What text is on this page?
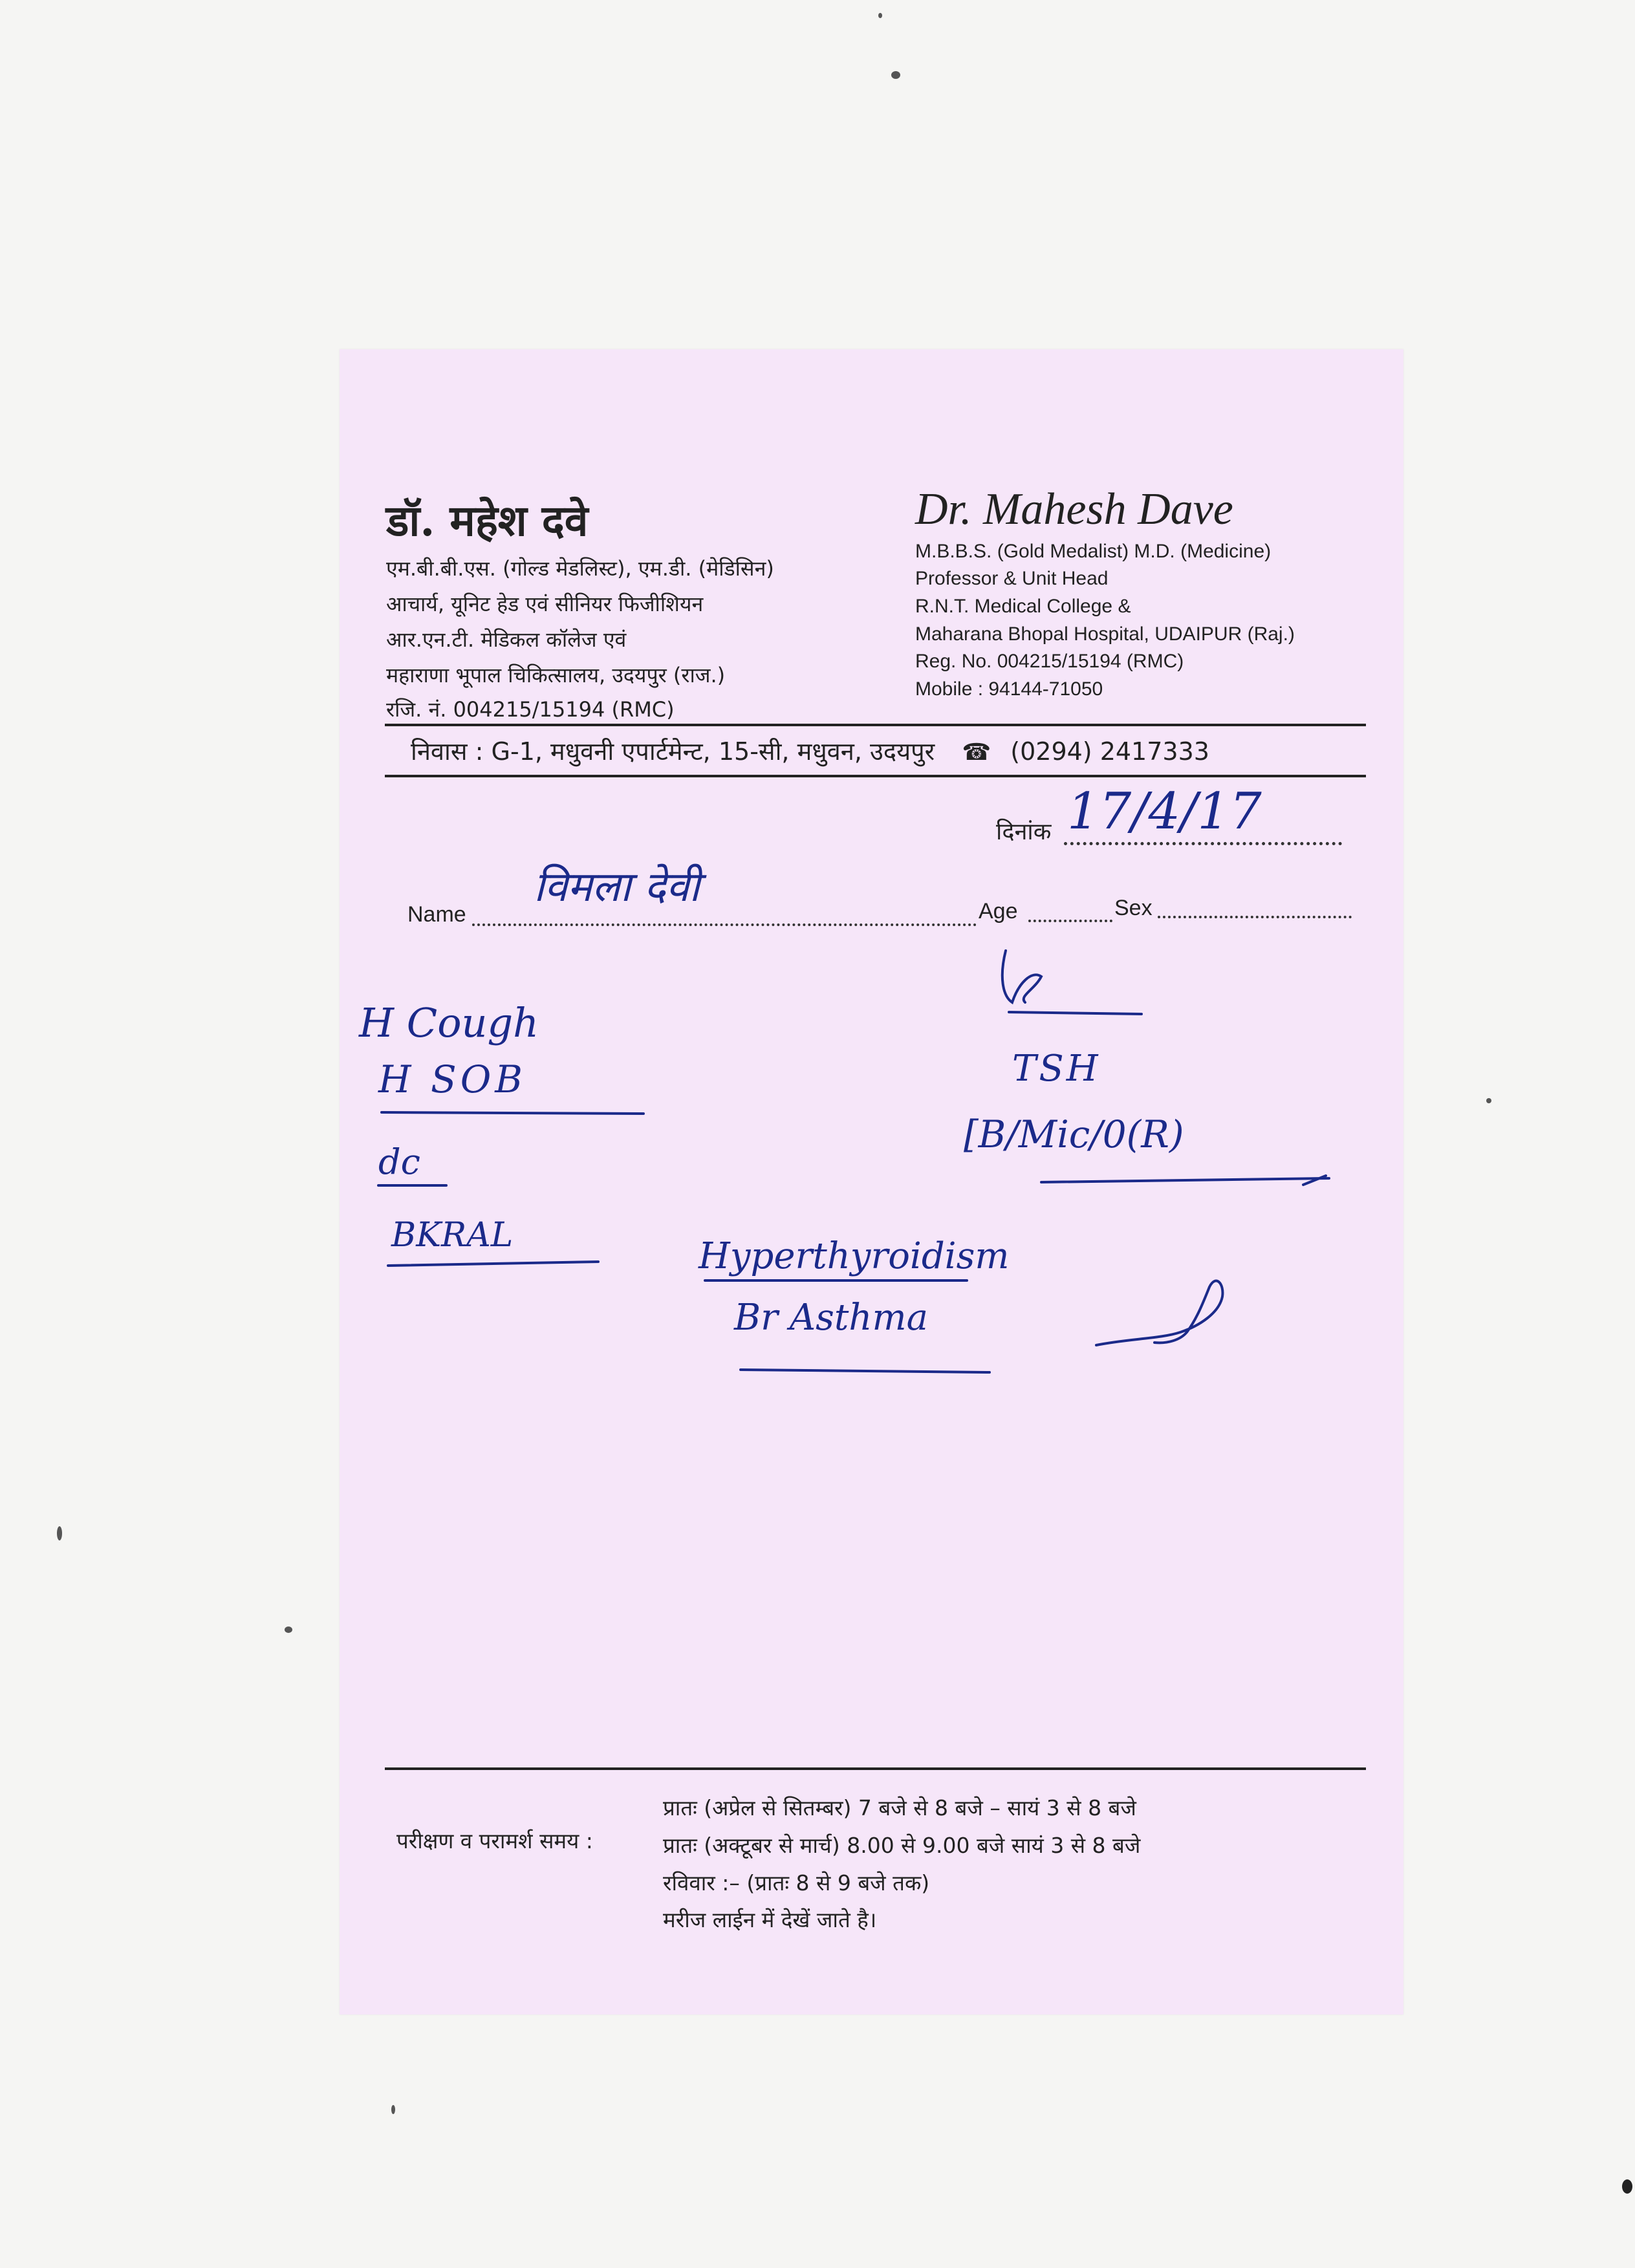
डॉ. महेश दवे
एम.बी.बी.एस. (गोल्ड मेडलिस्ट), एम.डी. (मेडिसिन)
आचार्य, यूनिट हेड एवं सीनियर फिजीशियन
आर.एन.टी. मेडिकल कॉलेज एवं
महाराणा भूपाल चिकित्सालय, उदयपुर (राज.)
रजि. नं. 004215/15194 (RMC)
Dr. Mahesh Dave
M.B.B.S. (Gold Medalist) M.D. (Medicine)
Professor & Unit Head
R.N.T. Medical College &
Maharana Bhopal Hospital, UDAIPUR (Raj.)
Reg. No. 004215/15194 (RMC)
Mobile : 94144-71050
निवास : G-1, मधुवनी एपार्टमेन्ट, 15-सी, मधुवन, उदयपुर ☎ (0294) 2417333
दिनांक 17/4/17
Name
विमला देवी	Age	Sex
H Cough
H SOB
dc
BKRAL
TSH
[B/Mic/0(R)
Hyperthyroidism
Br Asthma
परीक्षण व परामर्श समय :
प्रातः (अप्रेल से सितम्बर) 7 बजे से 8 बजे – सायं 3 से 8 बजे
प्रातः (अक्टूबर से मार्च) 8.00 से 9.00 बजे सायं 3 से 8 बजे
रविवार :– (प्रातः 8 से 9 बजे तक)
मरीज लाईन में देखें जाते है।
